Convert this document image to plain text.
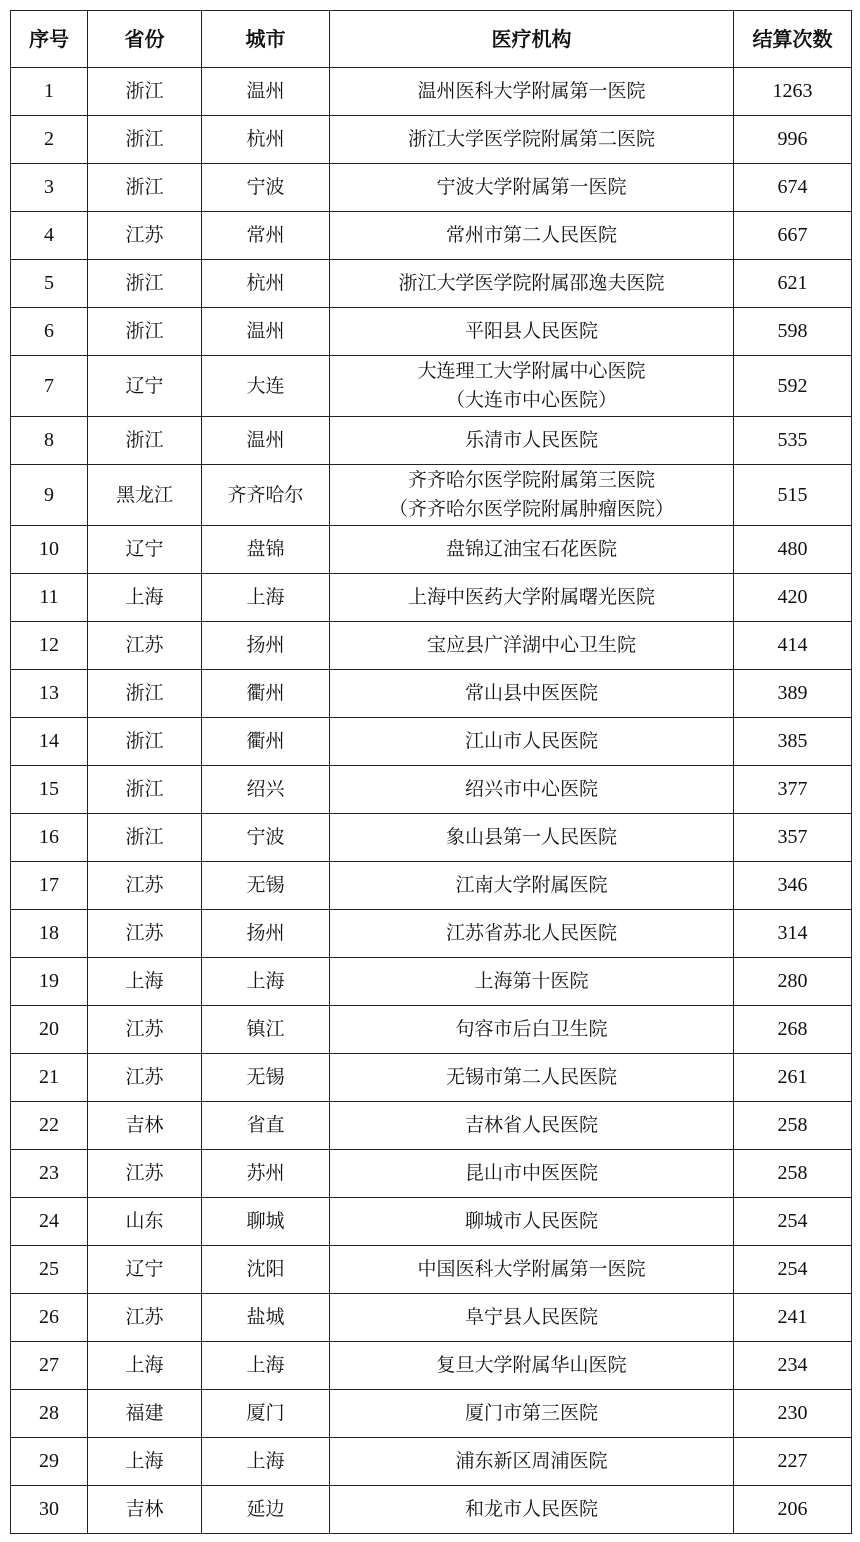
序号	省份	城市	医疗机构	结算次数
1	浙江	温州	温州医科大学附属第一医院	1263
2	浙江	杭州	浙江大学医学院附属第二医院	996
3	浙江	宁波	宁波大学附属第一医院	674
4	江苏	常州	常州市第二人民医院	667
5	浙江	杭州	浙江大学医学院附属邵逸夫医院	621
6	浙江	温州	平阳县人民医院	598
7	辽宁	大连	大连理工大学附属中心医院
（大连市中心医院）	592
8	浙江	温州	乐清市人民医院	535
9	黑龙江	齐齐哈尔	齐齐哈尔医学院附属第三医院
（齐齐哈尔医学院附属肿瘤医院）	515
10	辽宁	盘锦	盘锦辽油宝石花医院	480
11	上海	上海	上海中医药大学附属曙光医院	420
12	江苏	扬州	宝应县广洋湖中心卫生院	414
13	浙江	衢州	常山县中医医院	389
14	浙江	衢州	江山市人民医院	385
15	浙江	绍兴	绍兴市中心医院	377
16	浙江	宁波	象山县第一人民医院	357
17	江苏	无锡	江南大学附属医院	346
18	江苏	扬州	江苏省苏北人民医院	314
19	上海	上海	上海第十医院	280
20	江苏	镇江	句容市后白卫生院	268
21	江苏	无锡	无锡市第二人民医院	261
22	吉林	省直	吉林省人民医院	258
23	江苏	苏州	昆山市中医医院	258
24	山东	聊城	聊城市人民医院	254
25	辽宁	沈阳	中国医科大学附属第一医院	254
26	江苏	盐城	阜宁县人民医院	241
27	上海	上海	复旦大学附属华山医院	234
28	福建	厦门	厦门市第三医院	230
29	上海	上海	浦东新区周浦医院	227
30	吉林	延边	和龙市人民医院	206
